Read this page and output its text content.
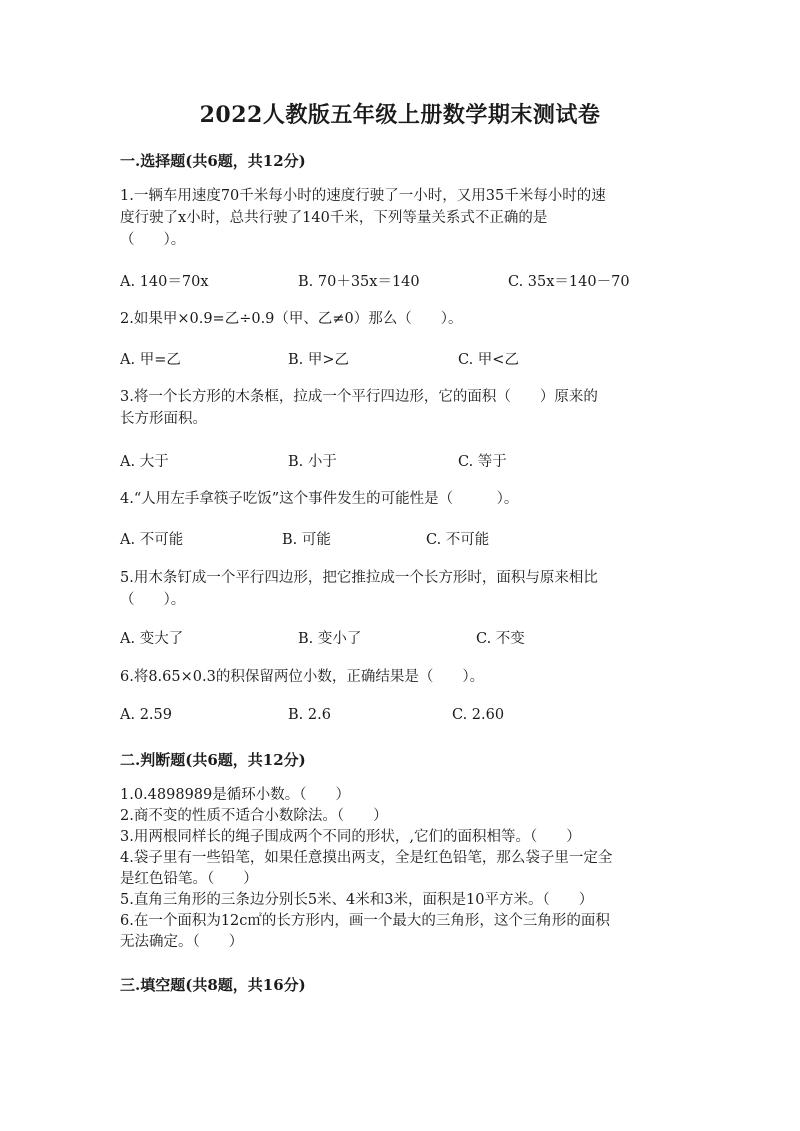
2022人教版五年级上册数学期末测试卷
一.选择题(共6题，共12分)
1.一辆车用速度70千米每小时的速度行驶了一小时，又用35千米每小时的速
度行驶了x小时，总共行驶了140千米，下列等量关系式不正确的是
（　　）。
A. 140＝70x	B. 70＋35x＝140	C. 35x＝140－70
2.如果甲×0.9=乙÷0.9（甲、乙≠0）那么（　　）。
A. 甲=乙	B. 甲>乙	C. 甲<乙
3.将一个长方形的木条框，拉成一个平行四边形，它的面积（　　）原来的
长方形面积。
A. 大于	B. 小于	C. 等于
4.“人用左手拿筷子吃饭”这个事件发生的可能性是（　　　）。
A. 不可能	B. 可能	C. 不可能
5.用木条钉成一个平行四边形，把它推拉成一个长方形时，面积与原来相比
（　　）。
A. 变大了	B. 变小了	C. 不变
6.将8.65×0.3的积保留两位小数，正确结果是（　　）。
A. 2.59	B. 2.6	C. 2.60
二.判断题(共6题，共12分)
1.0.4898989是循环小数。（　　）
2.商不变的性质不适合小数除法。（　　）
3.用两根同样长的绳子围成两个不同的形状，,它们的面积相等。（　　）
4.袋子里有一些铅笔，如果任意摸出两支，全是红色铅笔，那么袋子里一定全
是红色铅笔。（　　）
5.直角三角形的三条边分别长5米、4米和3米，面积是10平方米。（　　）
6.在一个面积为12c㎡的长方形内，画一个最大的三角形，这个三角形的面积
无法确定。（　　）
三.填空题(共8题，共16分)
